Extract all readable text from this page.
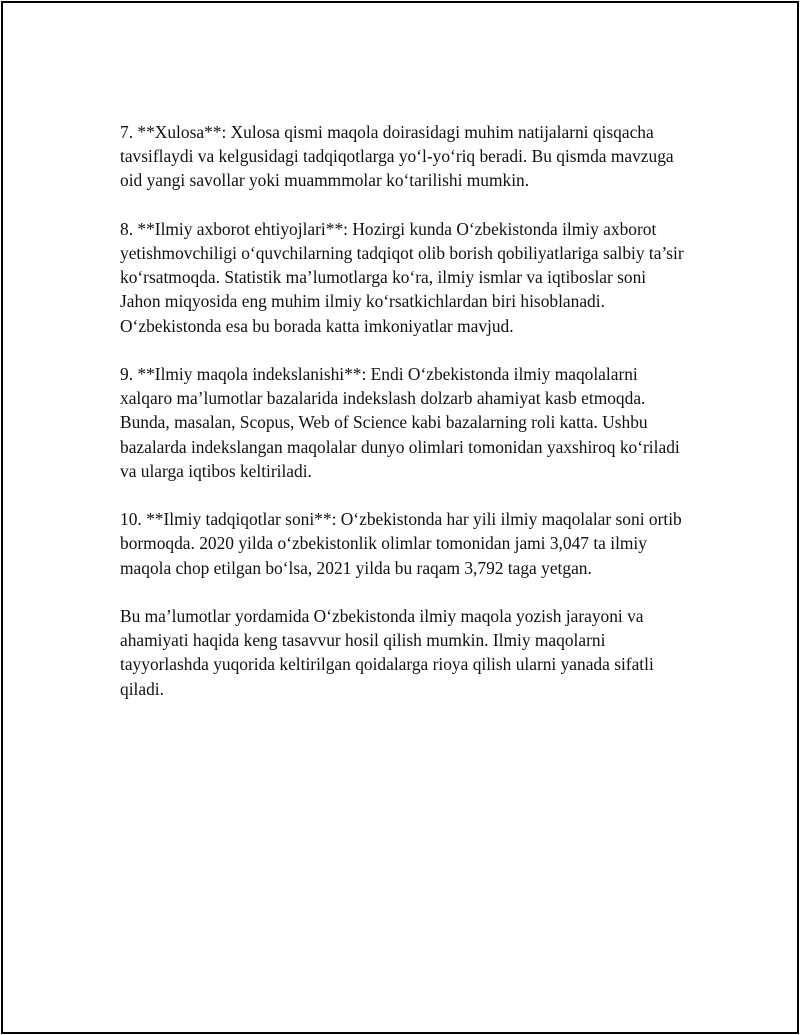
7. **Xulosa**: Xulosa qismi maqola doirasidagi muhim natijalarni qisqacha tavsiflaydi va kelgusidagi tadqiqotlarga yo‘l-yo‘riq beradi. Bu qismda mavzuga oid yangi savollar yoki muammmolar ko‘tarilishi mumkin.

8. **Ilmiy axborot ehtiyojlari**: Hozirgi kunda O‘zbekistonda ilmiy axborot yetishmovchiligi o‘quvchilarning tadqiqot olib borish qobiliyatlariga salbiy ta’sir ko‘rsatmoqda. Statistik ma’lumotlarga ko‘ra, ilmiy ismlar va iqtiboslar soni Jahon miqyosida eng muhim ilmiy ko‘rsatkichlardan biri hisoblanadi. O‘zbekistonda esa bu borada katta imkoniyatlar mavjud.

9. **Ilmiy maqola indekslanishi**: Endi O‘zbekistonda ilmiy maqolalarni xalqaro ma’lumotlar bazalarida indekslash dolzarb ahamiyat kasb etmoqda. Bunda, masalan, Scopus, Web of Science kabi bazalarning roli katta. Ushbu bazalarda indekslangan maqolalar dunyo olimlari tomonidan yaxshiroq ko‘riladi va ularga iqtibos keltiriladi.

10. **Ilmiy tadqiqotlar soni**: O‘zbekistonda har yili ilmiy maqolalar soni ortib bormoqda. 2020 yilda o‘zbekistonlik olimlar tomonidan jami 3,047 ta ilmiy maqola chop etilgan bo‘lsa, 2021 yilda bu raqam 3,792 taga yetgan.

Bu ma’lumotlar yordamida O‘zbekistonda ilmiy maqola yozish jarayoni va ahamiyati haqida keng tasavvur hosil qilish mumkin. Ilmiy maqolarni tayyorlashda yuqorida keltirilgan qoidalarga rioya qilish ularni yanada sifatli qiladi.
